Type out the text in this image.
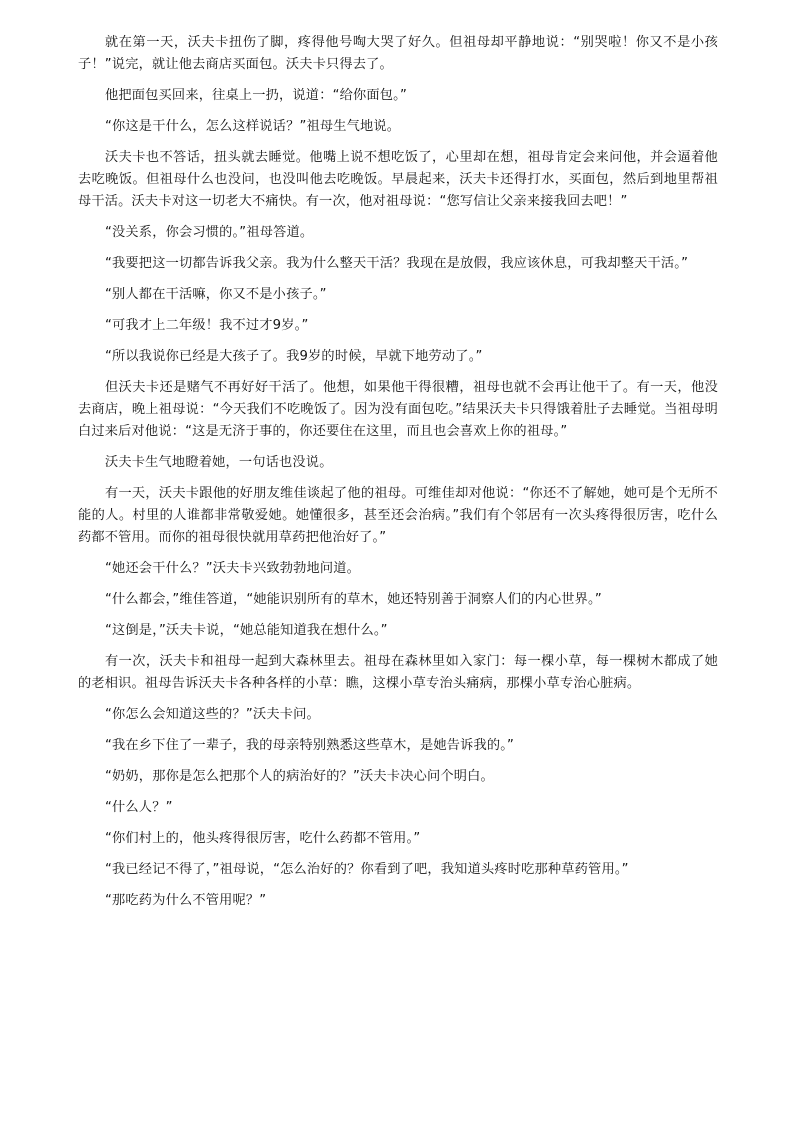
就在第一天，沃夫卡扭伤了脚，疼得他号啕大哭了好久。但祖母却平静地说：“别哭啦！你又不是小孩子！”说完，就让他去商店买面包。沃夫卡只得去了。

他把面包买回来，往桌上一扔，说道：“给你面包。”

“你这是干什么，怎么这样说话？”祖母生气地说。

沃夫卡也不答话，扭头就去睡觉。他嘴上说不想吃饭了，心里却在想，祖母肯定会来问他，并会逼着他去吃晚饭。但祖母什么也没问，也没叫他去吃晚饭。早晨起来，沃夫卡还得打水，买面包，然后到地里帮祖母干活。沃夫卡对这一切老大不痛快。有一次，他对祖母说：“您写信让父亲来接我回去吧！”

“没关系，你会习惯的。”祖母答道。

“我要把这一切都告诉我父亲。我为什么整天干活？我现在是放假，我应该休息，可我却整天干活。”

“别人都在干活嘛，你又不是小孩子。”

“可我才上二年级！我不过才9岁。”

“所以我说你已经是大孩子了。我9岁的时候，早就下地劳动了。”

但沃夫卡还是赌气不再好好干活了。他想，如果他干得很糟，祖母也就不会再让他干了。有一天，他没去商店，晚上祖母说：“今天我们不吃晚饭了。因为没有面包吃。”结果沃夫卡只得饿着肚子去睡觉。当祖母明白过来后对他说：“这是无济于事的，你还要住在这里，而且也会喜欢上你的祖母。”

沃夫卡生气地瞪着她，一句话也没说。

有一天，沃夫卡跟他的好朋友维佳谈起了他的祖母。可维佳却对他说：“你还不了解她，她可是个无所不能的人。村里的人谁都非常敬爱她。她懂很多，甚至还会治病。”我们有个邻居有一次头疼得很厉害，吃什么药都不管用。而你的祖母很快就用草药把他治好了。”

“她还会干什么？”沃夫卡兴致勃勃地问道。

“什么都会，”维佳答道，“她能识别所有的草木，她还特别善于洞察人们的内心世界。”

“这倒是，”沃夫卡说，“她总能知道我在想什么。”

有一次，沃夫卡和祖母一起到大森林里去。祖母在森林里如入家门：每一棵小草，每一棵树木都成了她的老相识。祖母告诉沃夫卡各种各样的小草：瞧，这棵小草专治头痛病，那棵小草专治心脏病。

“你怎么会知道这些的？”沃夫卡问。

“我在乡下住了一辈子，我的母亲特别熟悉这些草木，是她告诉我的。”

“奶奶，那你是怎么把那个人的病治好的？”沃夫卡决心问个明白。

“什么人？”

“你们村上的，他头疼得很厉害，吃什么药都不管用。”

“我已经记不得了，”祖母说，“怎么治好的？你看到了吧，我知道头疼时吃那种草药管用。”

“那吃药为什么不管用呢？”
